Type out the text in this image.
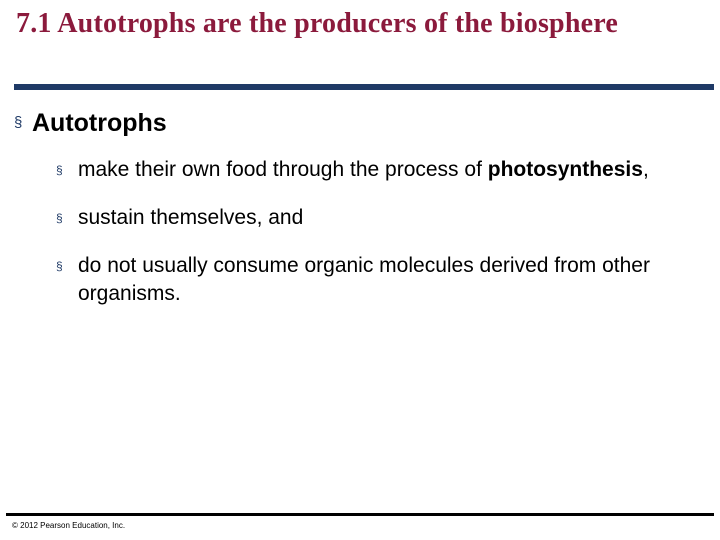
7.1 Autotrophs are the producers of the biosphere
§ Autotrophs
§ make their own food through the process of photosynthesis,
§ sustain themselves, and
§ do not usually consume organic molecules derived from other organisms.
© 2012 Pearson Education, Inc.
